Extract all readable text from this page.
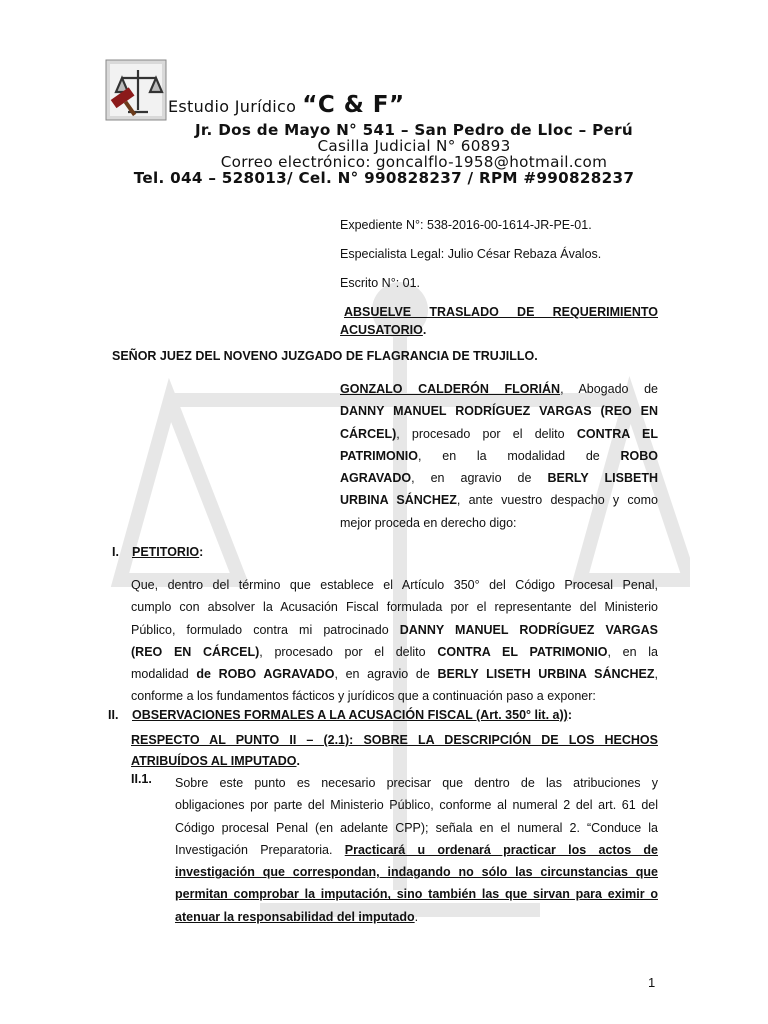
Estudio Jurídico “C & F”
Jr. Dos de Mayo N° 541 – San Pedro de Lloc – Perú
Casilla Judicial N° 60893
Correo electrónico: goncalflo-1958@hotmail.com
Tel. 044 – 528013/ Cel. N° 990828237 / RPM #990828237
Expediente N°: 538-2016-00-1614-JR-PE-01.
Especialista Legal: Julio César Rebaza Ávalos.
Escrito N°: 01.
ABSUELVE TRASLADO DE REQUERIMIENTO
ACUSATORIO.
SEÑOR JUEZ DEL NOVENO JUZGADO DE FLAGRANCIA DE TRUJILLO.
GONZALO CALDERÓN FLORIÁN, Abogado de
DANNY MANUEL RODRÍGUEZ VARGAS (REO EN
CÁRCEL), procesado por el delito CONTRA EL
PATRIMONIO, en la modalidad de ROBO
AGRAVADO, en agravio de BERLY LISBETH
URBINA SÁNCHEZ, ante vuestro despacho y como
mejor proceda en derecho digo:
I. PETITORIO:
Que, dentro del término que establece el Artículo 350° del Código Procesal Penal,
cumplo con absolver la Acusación Fiscal formulada por el representante del Ministerio
Público, formulado contra mi patrocinado DANNY MANUEL RODRÍGUEZ VARGAS
(REO EN CÁRCEL), procesado por el delito CONTRA EL PATRIMONIO, en la
modalidad de ROBO AGRAVADO, en agravio de BERLY LISETH URBINA SÁNCHEZ,
conforme a los fundamentos fácticos y jurídicos que a continuación paso a exponer:
II. OBSERVACIONES FORMALES A LA ACUSACIÓN FISCAL (Art. 350° lit. a)):
RESPECTO AL PUNTO II – (2.1): SOBRE LA DESCRIPCIÓN DE LOS HECHOS
ATRIBUÍDOS AL IMPUTADO.
II.1. Sobre este punto es necesario precisar que dentro de las atribuciones y
obligaciones por parte del Ministerio Público, conforme al numeral 2 del art. 61 del
Código procesal Penal (en adelante CPP); señala en el numeral 2. “Conduce la
Investigación Preparatoria. Practicará u ordenará practicar los actos de
investigación que correspondan, indagando no sólo las circunstancias que
permitan comprobar la imputación, sino también las que sirvan para eximir o
atenuar la responsabilidad del imputado.
1
